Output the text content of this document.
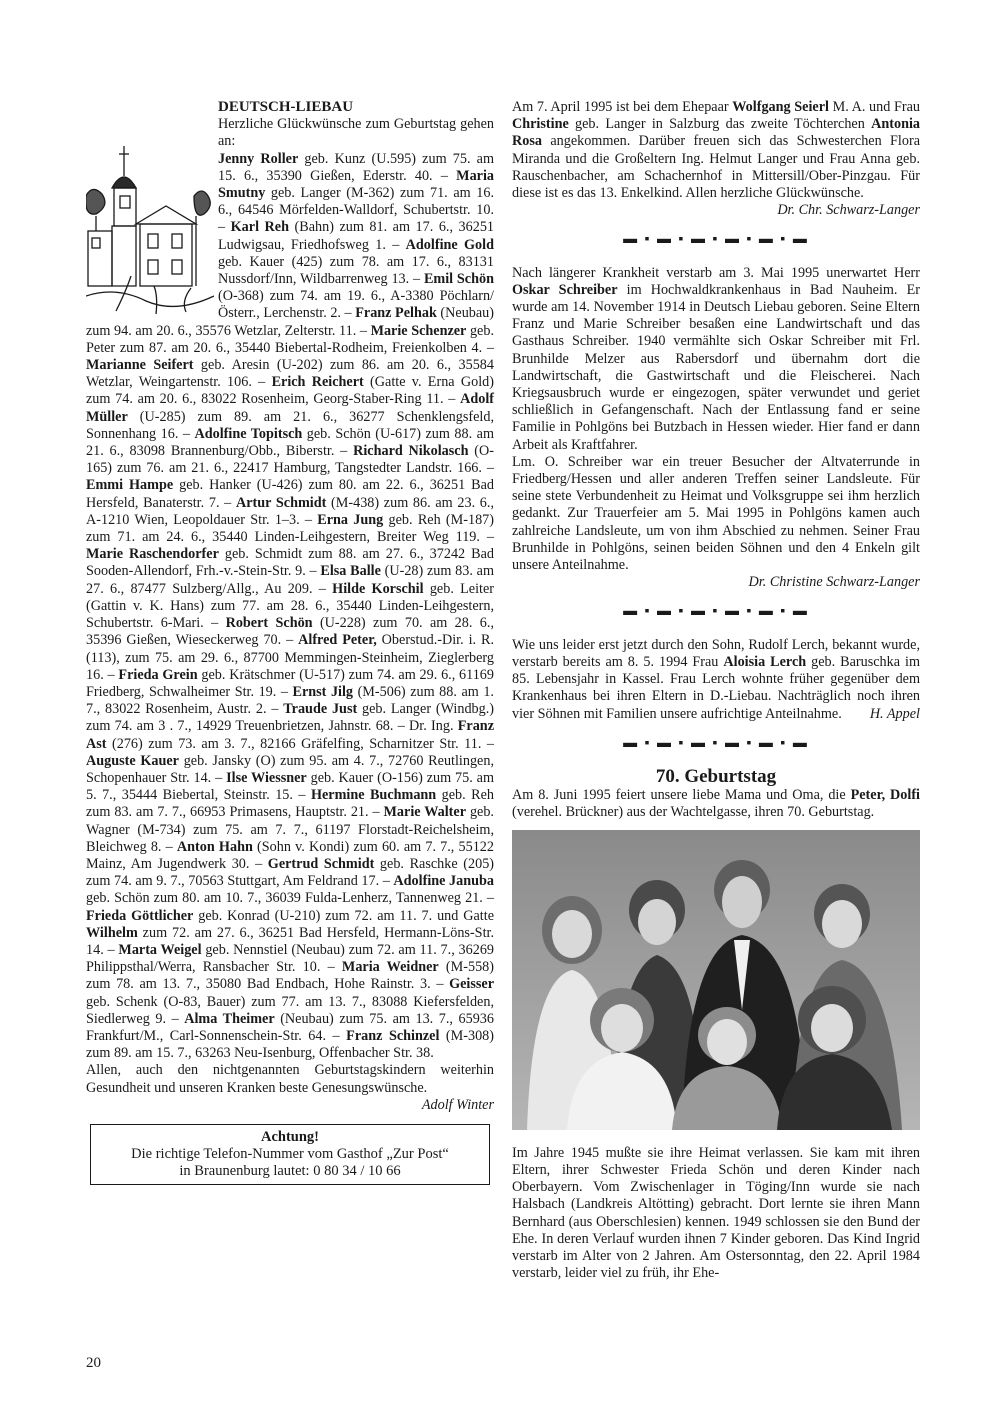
DEUTSCH-LIEBAU

Herzliche Glückwünsche zum Geburtstag gehen an:

Jenny Roller geb. Kunz (U.595) zum 75. am 15. 6., 35390 Gießen, Ederstr. 40. – Maria Smutny geb. Langer (M-362) zum 71. am 16. 6., 64546 Mörfelden-Walldorf, Schubertstr. 10. – Karl Reh (Bahn) zum 81. am 17. 6., 36251 Ludwigsau, Friedhofsweg 1. – Adolfine Gold geb. Kauer (425) zum 78. am 17. 6., 83131 Nussdorf/Inn, Wildbarrenweg 13. – Emil Schön (O-368) zum 74. am 19. 6., A-3380 Pöchlarn/Österr., Lerchenstr. 2. – Franz Pelhak (Neubau) zum 94. am 20. 6., 35576 Wetzlar, Zelterstr. 11. – Marie Schenzer geb. Peter zum 87. am 20. 6., 35440 Biebertal-Rodheim, Freienkolben 4. – Marianne Seifert geb. Aresin (U-202) zum 86. am 20. 6., 35584 Wetzlar, Weingartenstr. 106. – Erich Reichert (Gatte v. Erna Gold) zum 74. am 20. 6., 83022 Rosenheim, Georg-Staber-Ring 11. – Adolf Müller (U-285) zum 89. am 21. 6., 36277 Schenklengsfeld, Sonnenhang 16. – Adolfine Topitsch geb. Schön (U-617) zum 88. am 21. 6., 83098 Brannenburg/Obb., Biberstr. – Richard Nikolasch (O-165) zum 76. am 21. 6., 22417 Hamburg, Tangstedter Landstr. 166. – Emmi Hampe geb. Hanker (U-426) zum 80. am 22. 6., 36251 Bad Hersfeld, Banaterstr. 7. – Artur Schmidt (M-438) zum 86. am 23. 6., A-1210 Wien, Leopoldauer Str. 1–3. – Erna Jung geb. Reh (M-187) zum 71. am 24. 6., 35440 Linden-Leihgestern, Breiter Weg 119. – Marie Raschendorfer geb. Schmidt zum 88. am 27. 6., 37242 Bad Sooden-Allendorf, Frh.-v.-Stein-Str. 9. – Elsa Balle (U-28) zum 83. am 27. 6., 87477 Sulzberg/Allg., Au 209. – Hilde Korschil geb. Leiter (Gattin v. K. Hans) zum 77. am 28. 6., 35440 Linden-Leihgestern, Schubertstr. 6-Mari. – Robert Schön (U-228) zum 70. am 28. 6., 35396 Gießen, Wieseckerweg 70. – Alfred Peter, Oberstud.-Dir. i. R. (113), zum 75. am 29. 6., 87700 Memmingen-Steinheim, Zieglerberg 16. – Frieda Grein geb. Krätschmer (U-517) zum 74. am 29. 6., 61169 Friedberg, Schwalheimer Str. 19. – Ernst Jilg (M-506) zum 88. am 1. 7., 83022 Rosenheim, Austr. 2. – Traude Just geb. Langer (Windbg.) zum 74. am 3 . 7., 14929 Treuenbrietzen, Jahnstr. 68. – Dr. Ing. Franz Ast (276) zum 73. am 3. 7., 82166 Gräfelfing, Scharnitzer Str. 11. – Auguste Kauer geb. Jansky (O) zum 95. am 4. 7., 72760 Reutlingen, Schopenhauer Str. 14. – Ilse Wiessner geb. Kauer (O-156) zum 75. am 5. 7., 35444 Biebertal, Steinstr. 15. – Hermine Buchmann geb. Reh zum 83. am 7. 7., 66953 Primasens, Hauptstr. 21. – Marie Walter geb. Wagner (M-734) zum 75. am 7. 7., 61197 Florstadt-Reichelsheim, Bleichweg 8. – Anton Hahn (Sohn v. Kondi) zum 60. am 7. 7., 55122 Mainz, Am Jugendwerk 30. – Gertrud Schmidt geb. Raschke (205) zum 74. am 9. 7., 70563 Stuttgart, Am Feldrand 17. – Adolfine Januba geb. Schön zum 80. am 10. 7., 36039 Fulda-Lenherz, Tannenweg 21. – Frieda Göttlicher geb. Konrad (U-210) zum 72. am 11. 7. und Gatte Wilhelm zum 72. am 27. 6., 36251 Bad Hersfeld, Hermann-Löns-Str. 14. – Marta Weigel geb. Nennstiel (Neubau) zum 72. am 11. 7., 36269 Philippsthal/Werra, Ransbacher Str. 10. – Maria Weidner (M-558) zum 78. am 13. 7., 35080 Bad Endbach, Hohe Rainstr. 3. – Geisser geb. Schenk (O-83, Bauer) zum 77. am 13. 7., 83088 Kiefersfelden, Siedlerweg 9. – Alma Theimer (Neubau) zum 75. am 13. 7., 65936 Frankfurt/M., Carl-Sonnenschein-Str. 64. – Franz Schinzel (M-308) zum 89. am 15. 7., 63263 Neu-Isenburg, Offenbacher Str. 38.

Allen, auch den nichtgenannten Geburtstagskindern weiterhin Gesundheit und unseren Kranken beste Genesungswünsche.

Adolf Winter

Achtung!
Die richtige Telefon-Nummer vom Gasthof „Zur Post“
in Braunenburg lautet: 0 80 34 / 10 66

Am 7. April 1995 ist bei dem Ehepaar Wolfgang Seierl M. A. und Frau Christine geb. Langer in Salzburg das zweite Töchterchen Antonia Rosa angekommen. Darüber freuen sich das Schwesterchen Flora Miranda und die Großeltern Ing. Helmut Langer und Frau Anna geb. Rauschenbacher, am Schachernhof in Mittersill/Ober-Pinzgau. Für diese ist es das 13. Enkelkind. Allen herzliche Glückwünsche.
Dr. Chr. Schwarz-Langer

▬ ▪ ▬ ▪ ▬ ▪ ▬ ▪ ▬ ▪ ▬

Nach längerer Krankheit verstarb am 3. Mai 1995 unerwartet Herr Oskar Schreiber im Hochwaldkrankenhaus in Bad Nauheim. Er wurde am 14. November 1914 in Deutsch Liebau geboren. Seine Eltern Franz und Marie Schreiber besaßen eine Landwirtschaft und das Gasthaus Schreiber. 1940 vermählte sich Oskar Schreiber mit Frl. Brunhilde Melzer aus Rabersdorf und übernahm dort die Landwirtschaft, die Gastwirtschaft und die Fleischerei. Nach Kriegsausbruch wurde er eingezogen, später verwundet und geriet schließlich in Gefangenschaft. Nach der Entlassung fand er seine Familie in Pohlgöns bei Butzbach in Hessen wieder. Hier fand er dann Arbeit als Kraftfahrer.

Lm. O. Schreiber war ein treuer Besucher der Altvaterrunde in Friedberg/Hessen und aller anderen Treffen seiner Landsleute. Für seine stete Verbundenheit zu Heimat und Volksgruppe sei ihm herzlich gedankt. Zur Trauerfeier am 5. Mai 1995 in Pohlgöns kamen auch zahlreiche Landsleute, um von ihm Abschied zu nehmen. Seiner Frau Brunhilde in Pohlgöns, seinen beiden Söhnen und den 4 Enkeln gilt unsere Anteilnahme.

Dr. Christine Schwarz-Langer

▬ ▪ ▬ ▪ ▬ ▪ ▬ ▪ ▬ ▪ ▬

Wie uns leider erst jetzt durch den Sohn, Rudolf Lerch, bekannt wurde, verstarb bereits am 8. 5. 1994 Frau Aloisia Lerch geb. Baruschka im 85. Lebensjahr in Kassel. Frau Lerch wohnte früher gegenüber dem Krankenhaus bei ihren Eltern in D.-Liebau. Nachträglich noch ihren vier Söhnen mit Familien unsere aufrichtige Anteilnahme. H. Appel

▬ ▪ ▬ ▪ ▬ ▪ ▬ ▪ ▬ ▪ ▬
70. Geburtstag

Am 8. Juni 1995 feiert unsere liebe Mama und Oma, die Peter, Dolfi (verehel. Brückner) aus der Wachtelgasse, ihren 70. Geburtstag.

Im Jahre 1945 mußte sie ihre Heimat verlassen. Sie kam mit ihren Eltern, ihrer Schwester Frieda Schön und deren Kinder nach Oberbayern. Vom Zwischenlager in Töging/Inn wurde sie nach Halsbach (Landkreis Altötting) gebracht. Dort lernte sie ihren Mann Bernhard (aus Oberschlesien) kennen. 1949 schlossen sie den Bund der Ehe. In deren Verlauf wurden ihnen 7 Kinder geboren. Das Kind Ingrid verstarb im Alter von 2 Jahren. Am Ostersonntag, den 22. April 1984 verstarb, leider viel zu früh, ihr Ehe-

20
